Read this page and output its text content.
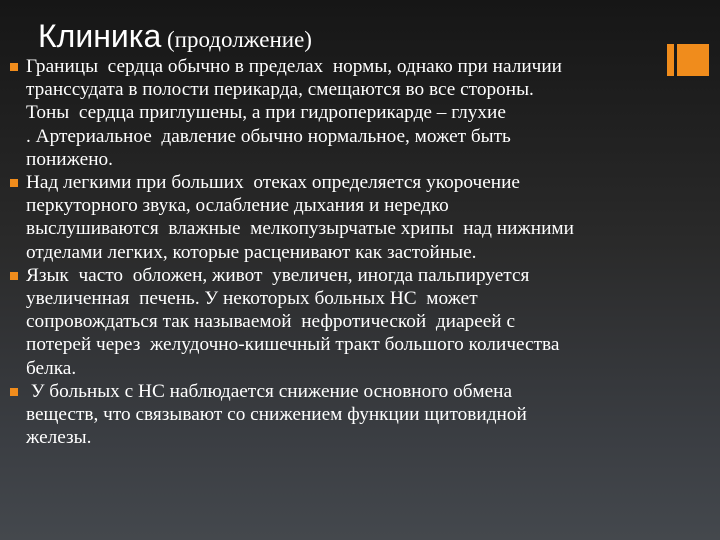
Клиника (продолжение)
Границы  сердца обычно в пределах  нормы, однако при наличии
транссудата в полости перикарда, смещаются во все стороны.
Тоны  сердца приглушены, а при гидроперикарде – глухие
. Артериальное  давление обычно нормальное, может быть
понижено.
Над легкими при больших  отеках определяется укорочение
перкуторного звука, ослабление дыхания и нередко
выслушиваются  влажные  мелкопузырчатые хрипы  над нижними
отделами легких, которые расценивают как застойные.
Язык  часто  обложен, живот  увеличен, иногда пальпируется
увеличенная  печень. У некоторых больных НС  может
сопровождаться так называемой  нефротической  диареей с
потерей через  желудочно-кишечный тракт большого количества
белка.
У больных с НС наблюдается снижение основного обмена
веществ, что связывают со снижением функции щитовидной
железы.
